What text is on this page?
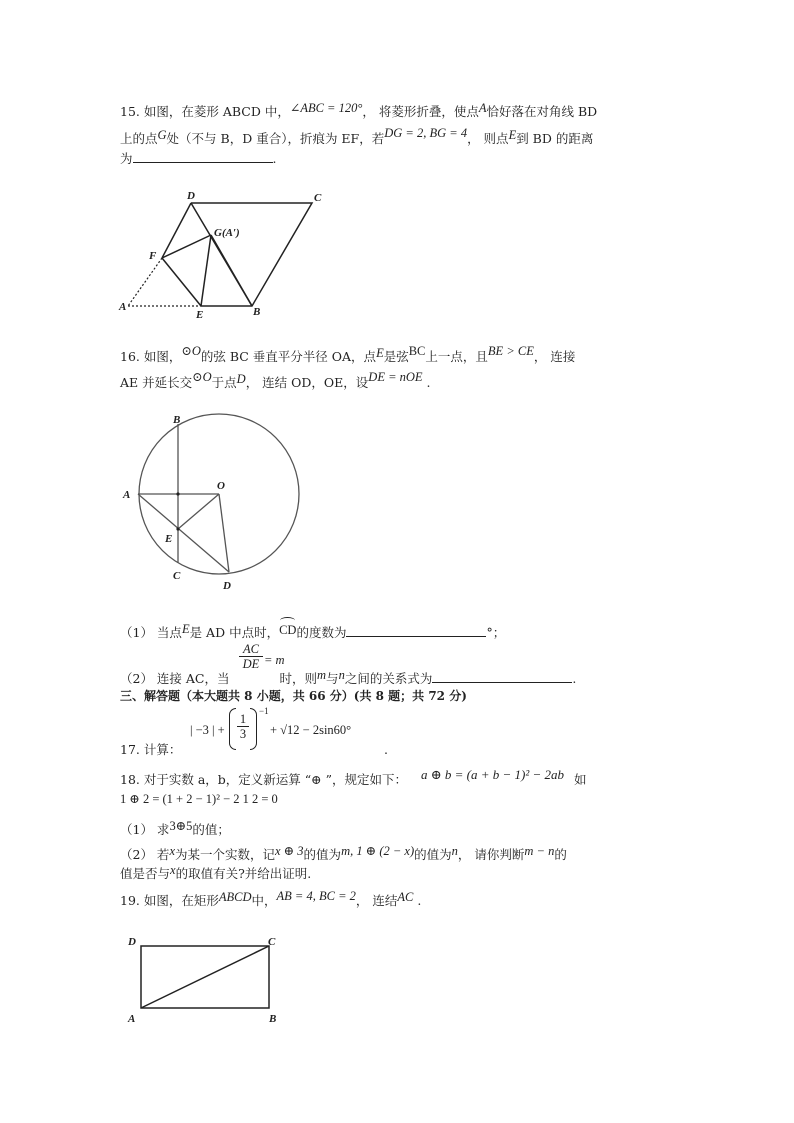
15. 如图，在菱形 ABCD 中，∠ABC = 120°， 将菱形折叠，使点A恰好落在对角线 BD
上的点G处（不与 B，D 重合），折痕为 EF，若DG = 2, BG = 4， 则点E到 BD 的距离
为	.
D	C
G(A′)
F
A
E	B
16. 如图，⊙O的弦 BC 垂直平分半径 OA，点E是弦BC上一点，且BE > CE， 连接
AE 并延长交⊙O于点D， 连结 OD，OE，设DE = nOE .
B
A
O
E
C
D
（1） 当点E是 AD 中点时，
CD的度数为	°；
$\frac{AC}{DE} = m$
（2） 连接 AC，当	时，则m与n之间的关系式为	.
三、解答题（本大题共 8 小题，共 66 分）(共 8 题；共 72 分)
| −3 | +
1
3
−1
+ √12 − 2sin60°
17. 计算：	.
18. 对于实数 a，b，定义新运算 “⊕ ”，规定如下： a ⊕ b = (a + b − 1)² − 2ab 如
1 ⊕ 2 = (1 + 2 − 1)² − 2 1 2 = 0
（1） 求3⊕5的值；
（2） 若x为某一个实数，记x ⊕ 3的值为m, 1 ⊕ (2 − x)的值为n， 请你判断m − n的
值是否与x的取值有关?并给出证明.
19. 如图，在矩形ABCD中，AB = 4, BC = 2， 连结AC .
D	C
A	B
